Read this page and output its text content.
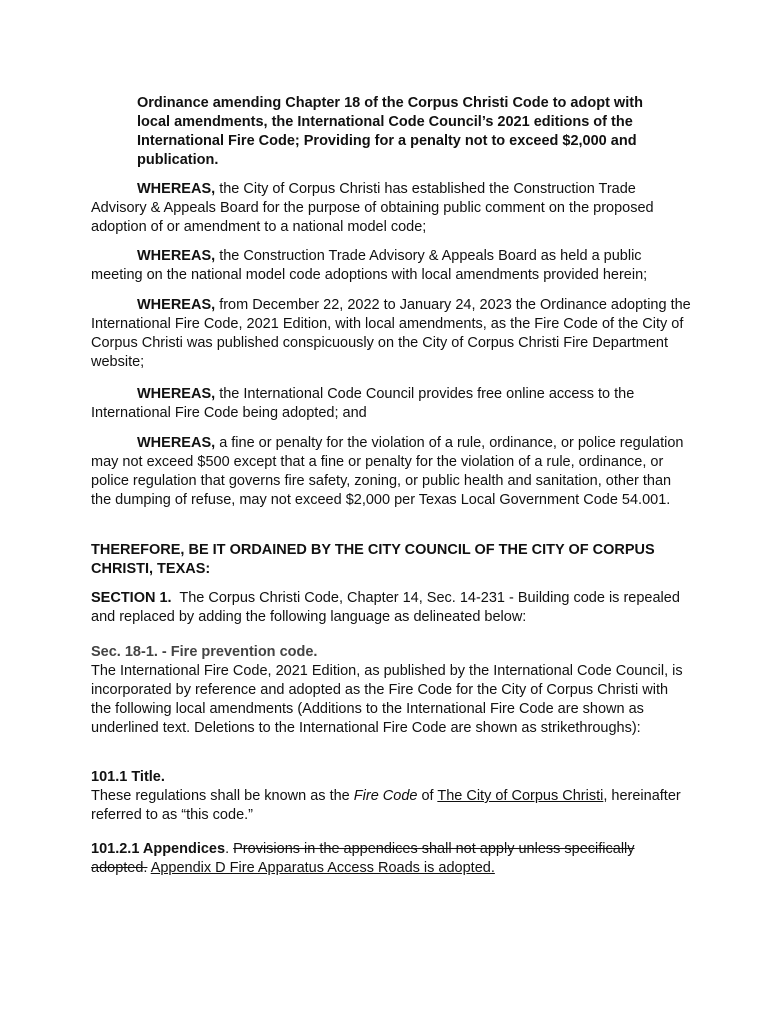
Ordinance amending Chapter 18 of the Corpus Christi Code to adopt with local amendments, the International Code Council’s 2021 editions of the International Fire Code; Providing for a penalty not to exceed $2,000 and publication.
WHEREAS, the City of Corpus Christi has established the Construction Trade Advisory & Appeals Board for the purpose of obtaining public comment on the proposed adoption of or amendment to a national model code;
WHEREAS, the Construction Trade Advisory & Appeals Board as held a public meeting on the national model code adoptions with local amendments provided herein;
WHEREAS, from December 22, 2022 to January 24, 2023 the Ordinance adopting the International Fire Code, 2021 Edition, with local amendments, as the Fire Code of the City of Corpus Christi was published conspicuously on the City of Corpus Christi Fire Department website;
WHEREAS, the International Code Council provides free online access to the International Fire Code being adopted; and
WHEREAS, a fine or penalty for the violation of a rule, ordinance, or police regulation may not exceed $500 except that a fine or penalty for the violation of a rule, ordinance, or police regulation that governs fire safety, zoning, or public health and sanitation, other than the dumping of refuse, may not exceed $2,000 per Texas Local Government Code 54.001.
THEREFORE, BE IT ORDAINED BY THE CITY COUNCIL OF THE CITY OF CORPUS CHRISTI, TEXAS:
SECTION 1. The Corpus Christi Code, Chapter 14, Sec. 14-231 - Building code is repealed and replaced by adding the following language as delineated below:
Sec. 18-1. - Fire prevention code.
The International Fire Code, 2021 Edition, as published by the International Code Council, is incorporated by reference and adopted as the Fire Code for the City of Corpus Christi with the following local amendments (Additions to the International Fire Code are shown as underlined text. Deletions to the International Fire Code are shown as strikethroughs):
101.1 Title.
These regulations shall be known as the Fire Code of The City of Corpus Christi, hereinafter referred to as “this code.”
101.2.1 Appendices. Provisions in the appendices shall not apply unless specifically adopted. Appendix D Fire Apparatus Access Roads is adopted.
